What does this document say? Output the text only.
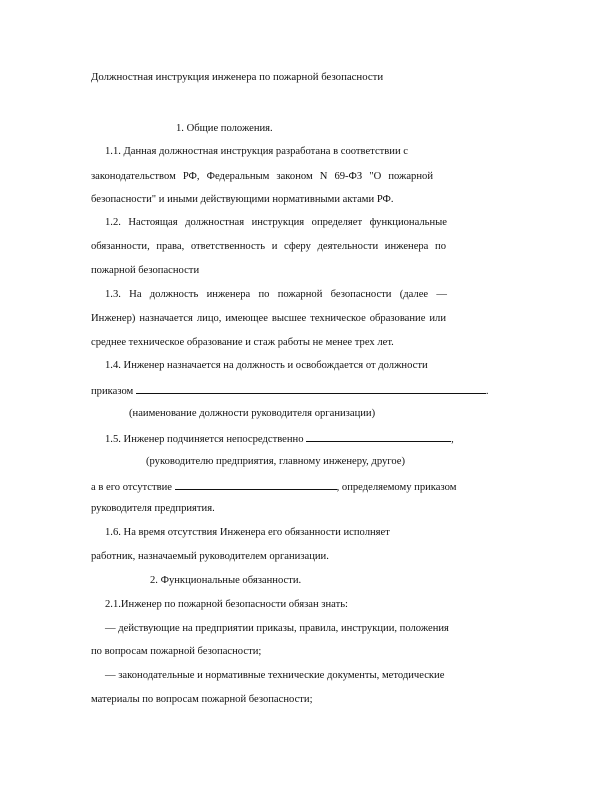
Должностная инструкция инженера по пожарной безопасности
1. Общие положения.
1.1. Данная должностная инструкция разработана в соответствии с
законодательством РФ, Федеральным законом N 69-ФЗ "О пожарной
безопасности" и иными действующими нормативными актами РФ.
1.2. Настоящая должностная инструкция определяет функциональные
обязанности, права, ответственность и сферу деятельности инженера по
пожарной безопасности
1.3. На должность инженера по пожарной безопасности (далее —
Инженер) назначается лицо, имеющее высшее техническое образование или
среднее техническое образование и стаж работы не менее трех лет.
1.4. Инженер назначается на должность и освобождается от должности
приказом	.
(наименование должности руководителя организации)
1.5. Инженер подчиняется непосредственно	,
(руководителю предприятия, главному инженеру, другое)
а в его отсутствие	, определяемому приказом
руководителя предприятия.
1.6. На время отсутствия Инженера его обязанности исполняет
работник, назначаемый руководителем организации.
2. Функциональные обязанности.
2.1.Инженер по пожарной безопасности обязан знать:
— действующие на предприятии приказы, правила, инструкции, положения
по вопросам пожарной безопасности;
— законодательные и нормативные технические документы, методические
материалы по вопросам пожарной безопасности;
